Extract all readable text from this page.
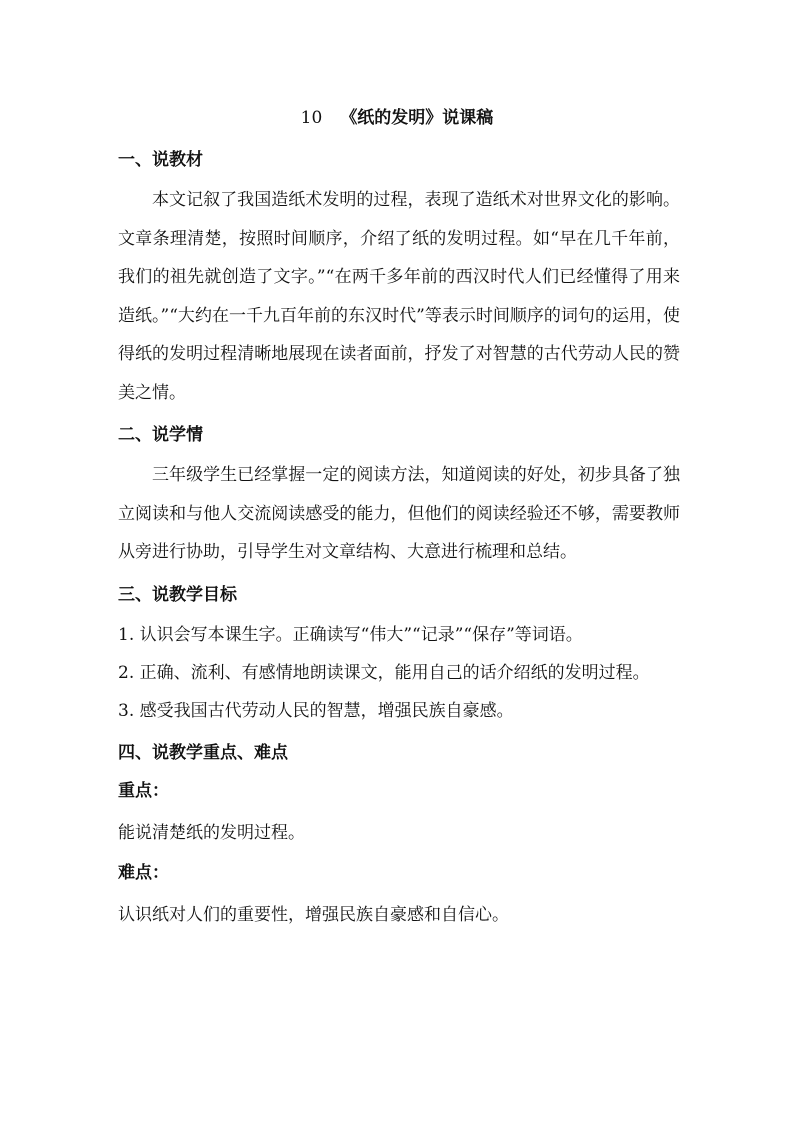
10 《纸的发明》说课稿
一、说教材

本文记叙了我国造纸术发明的过程，表现了造纸术对世界文化的影响。文章条理清楚，按照时间顺序，介绍了纸的发明过程。如“早在几千年前，我们的祖先就创造了文字。”“在两千多年前的西汉时代人们已经懂得了用来造纸。”“大约在一千九百年前的东汉时代”等表示时间顺序的词句的运用，使得纸的发明过程清晰地展现在读者面前，抒发了对智慧的古代劳动人民的赞美之情。

二、说学情

三年级学生已经掌握一定的阅读方法，知道阅读的好处，初步具备了独立阅读和与他人交流阅读感受的能力，但他们的阅读经验还不够，需要教师从旁进行协助，引导学生对文章结构、大意进行梳理和总结。

三、说教学目标

1. 认识会写本课生字。正确读写“伟大”“记录”“保存”等词语。

2. 正确、流利、有感情地朗读课文，能用自己的话介绍纸的发明过程。

3. 感受我国古代劳动人民的智慧，增强民族自豪感。

四、说教学重点、难点
重点：

能说清楚纸的发明过程。

难点：

认识纸对人们的重要性，增强民族自豪感和自信心。
